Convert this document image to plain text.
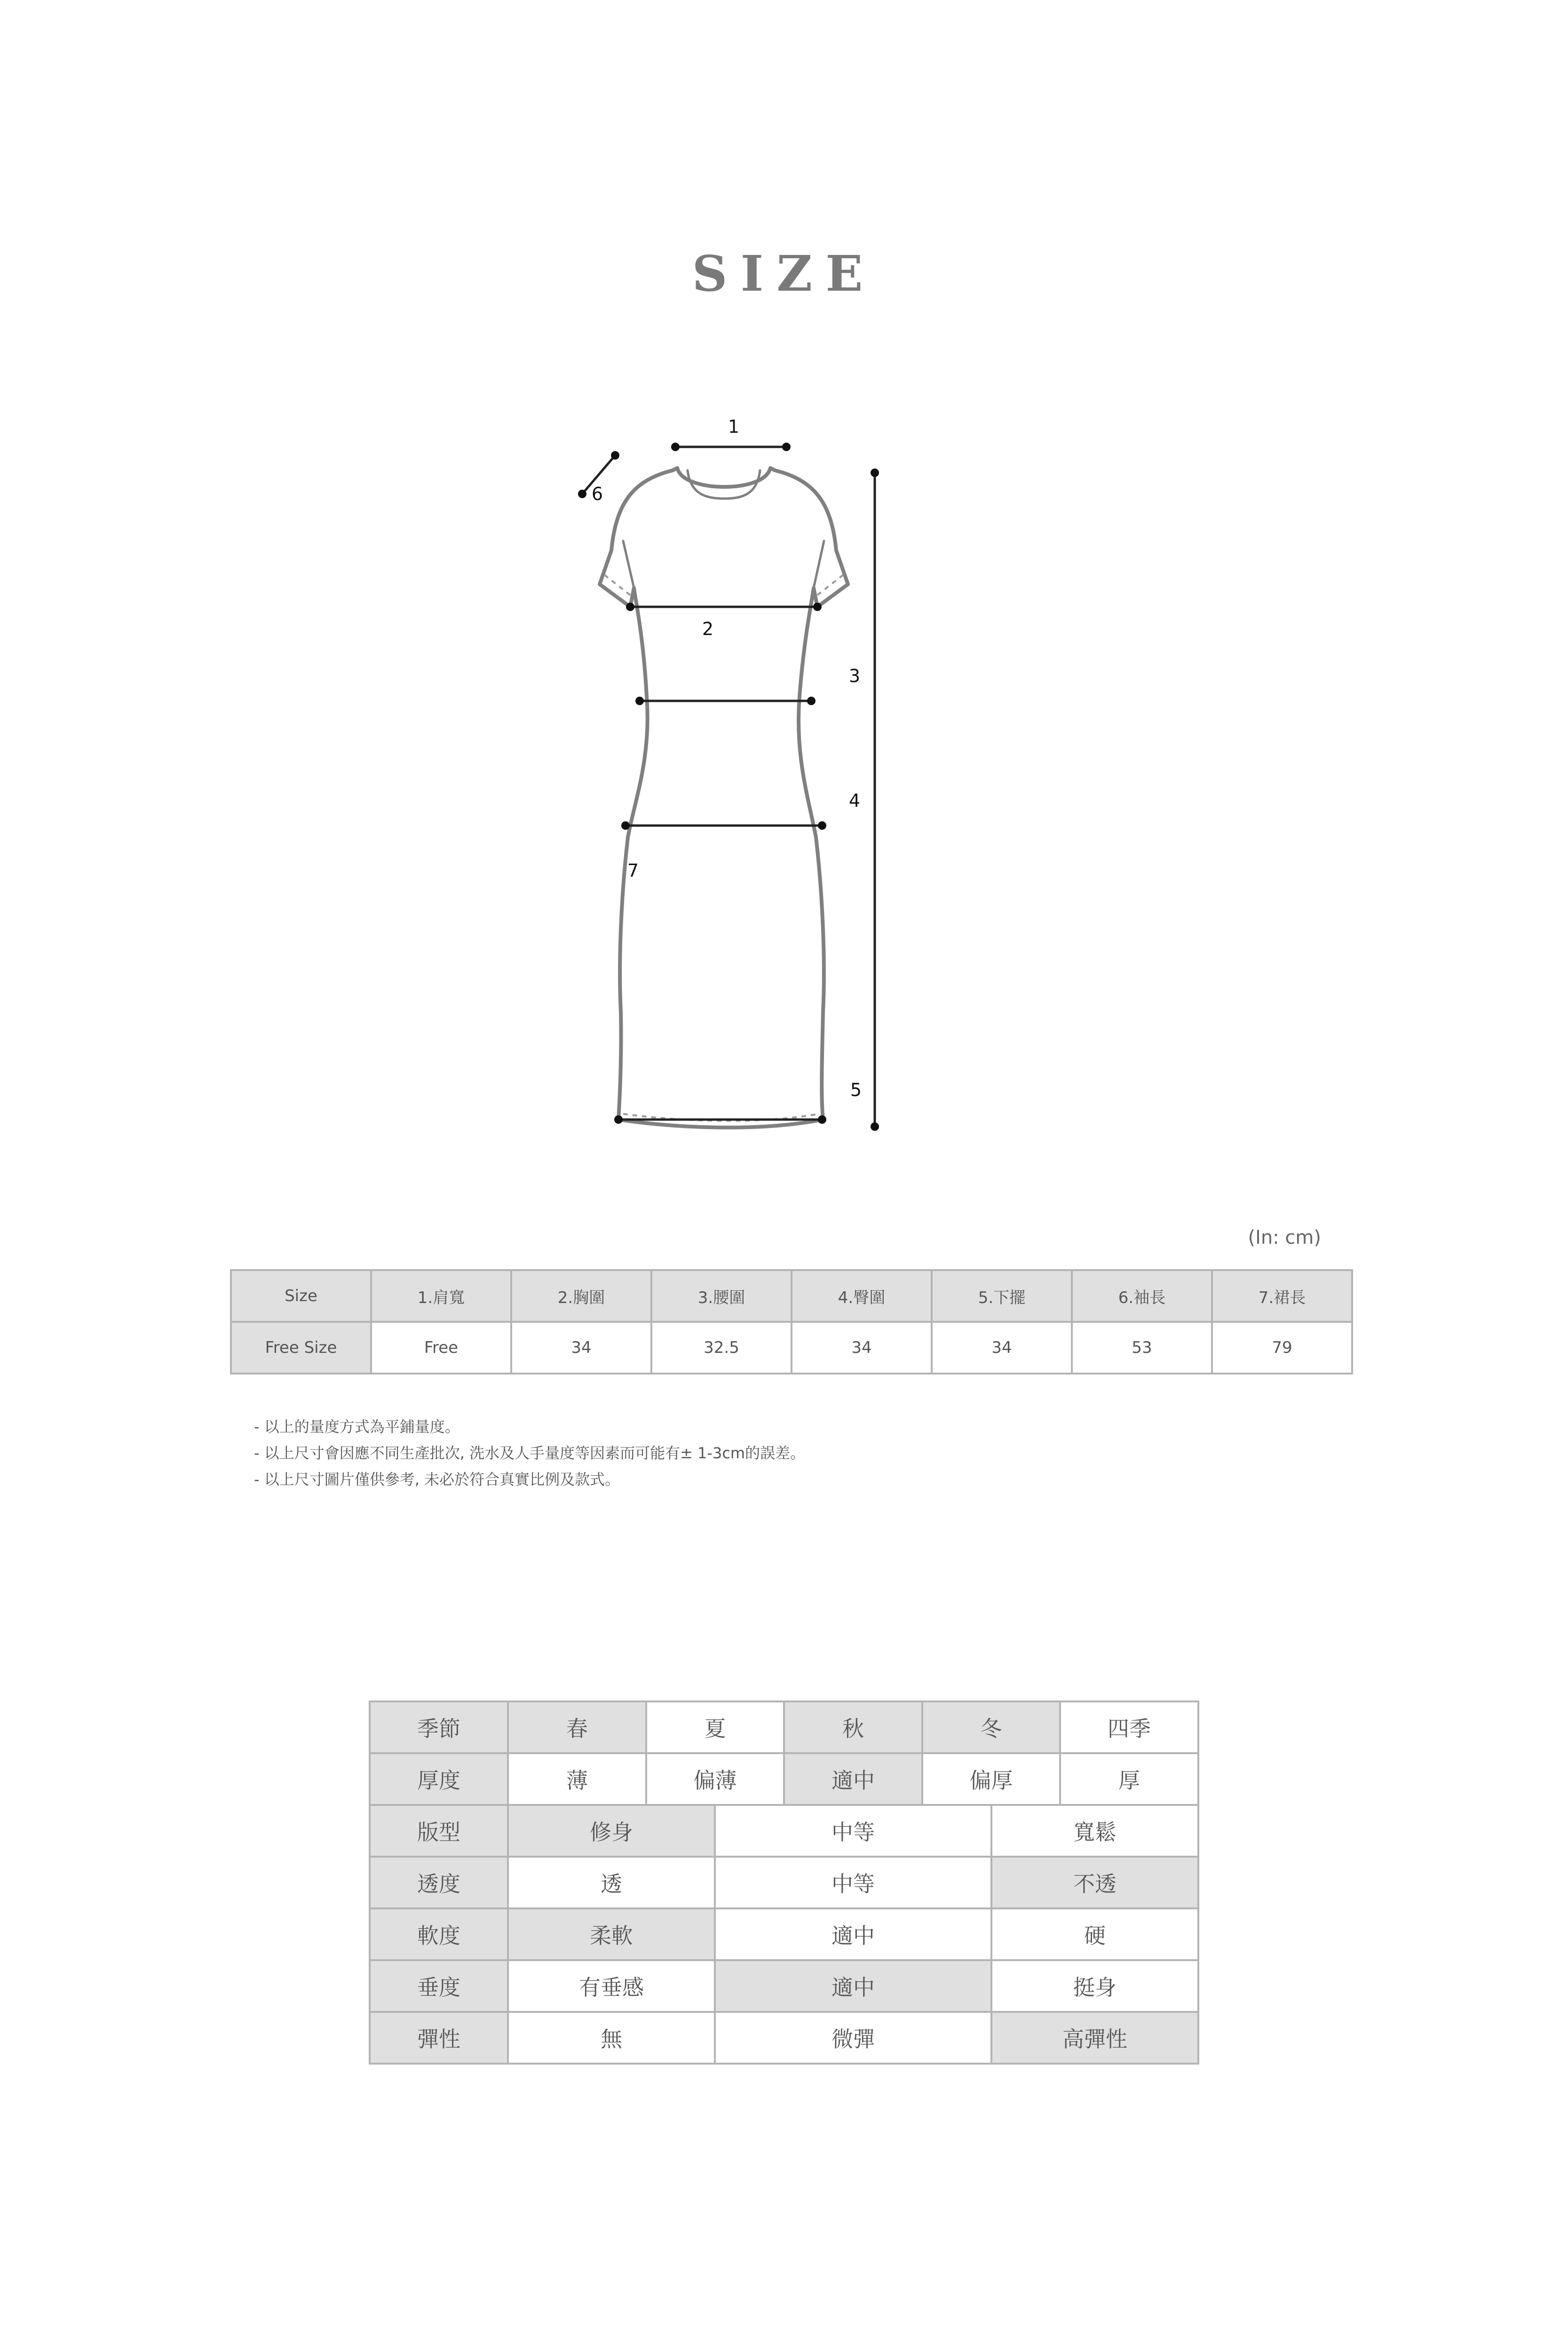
SIZE
1
2
3
4
5
6
7
(In: cm)
Size	1.肩寬	2.胸圍	3.腰圍	4.臀圍	5.下擺	6.袖長	7.裙長
Free Size	Free	34	32.5	34	34	53	79
- 以上的量度方式為平鋪量度。
- 以上尺寸會因應不同生產批次, 洗水及人手量度等因素而可能有± 1-3cm的誤差。
- 以上尺寸圖片僅供參考, 未必於符合真實比例及款式。
季節	春	夏		秋	冬		四季
厚度	薄	偏薄		適中	偏厚		厚
版型	修身		中等			寬鬆	
透度	透		中等			不透	
軟度	柔軟		適中			硬	
垂度	有垂感		適中			挺身	
彈性	無		微彈			高彈性	
